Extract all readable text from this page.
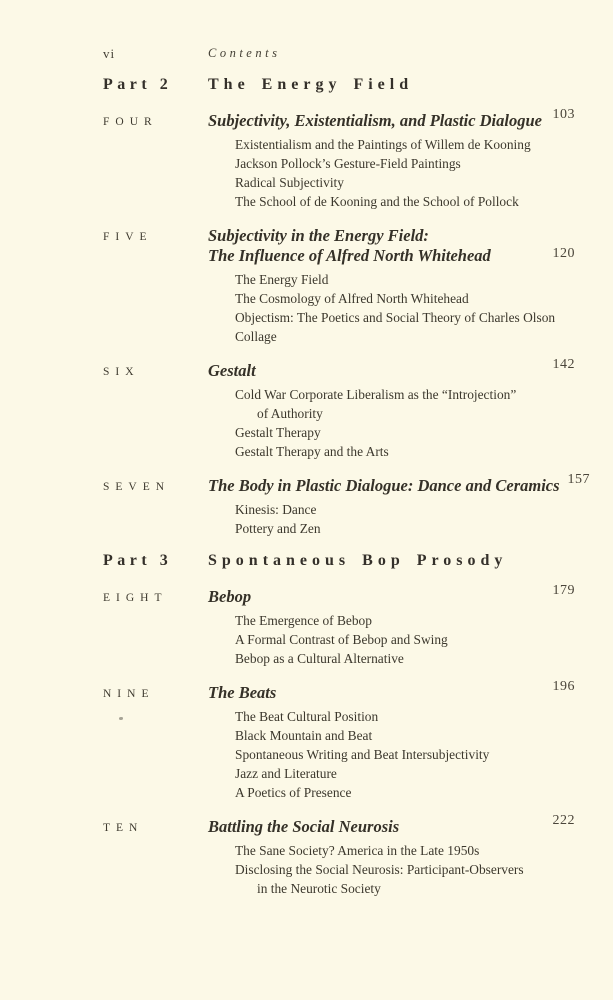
vi	Contents
Part 2	The Energy Field
FOUR	Subjectivity, Existentialism, and Plastic Dialogue 103
Existentialism and the Paintings of Willem de Kooning
Jackson Pollock’s Gesture-Field Paintings
Radical Subjectivity
The School of de Kooning and the School of Pollock
FIVE	Subjectivity in the Energy Field:
The Influence of Alfred North Whitehead	120
The Energy Field
The Cosmology of Alfred North Whitehead
Objectism: The Poetics and Social Theory of Charles Olson
Collage
SIX	Gestalt	142
Cold War Corporate Liberalism as the “Introjection”
of Authority
Gestalt Therapy
Gestalt Therapy and the Arts
SEVEN	The Body in Plastic Dialogue: Dance and Ceramics 157
Kinesis: Dance
Pottery and Zen
Part 3	Spontaneous Bop Prosody
EIGHT	Bebop	179
The Emergence of Bebop
A Formal Contrast of Bebop and Swing
Bebop as a Cultural Alternative
NINE	The Beats	196
The Beat Cultural Position
Black Mountain and Beat
Spontaneous Writing and Beat Intersubjectivity
Jazz and Literature
A Poetics of Presence
TEN	Battling the Social Neurosis	222
The Sane Society? America in the Late 1950s
Disclosing the Social Neurosis: Participant-Observers
in the Neurotic Society
